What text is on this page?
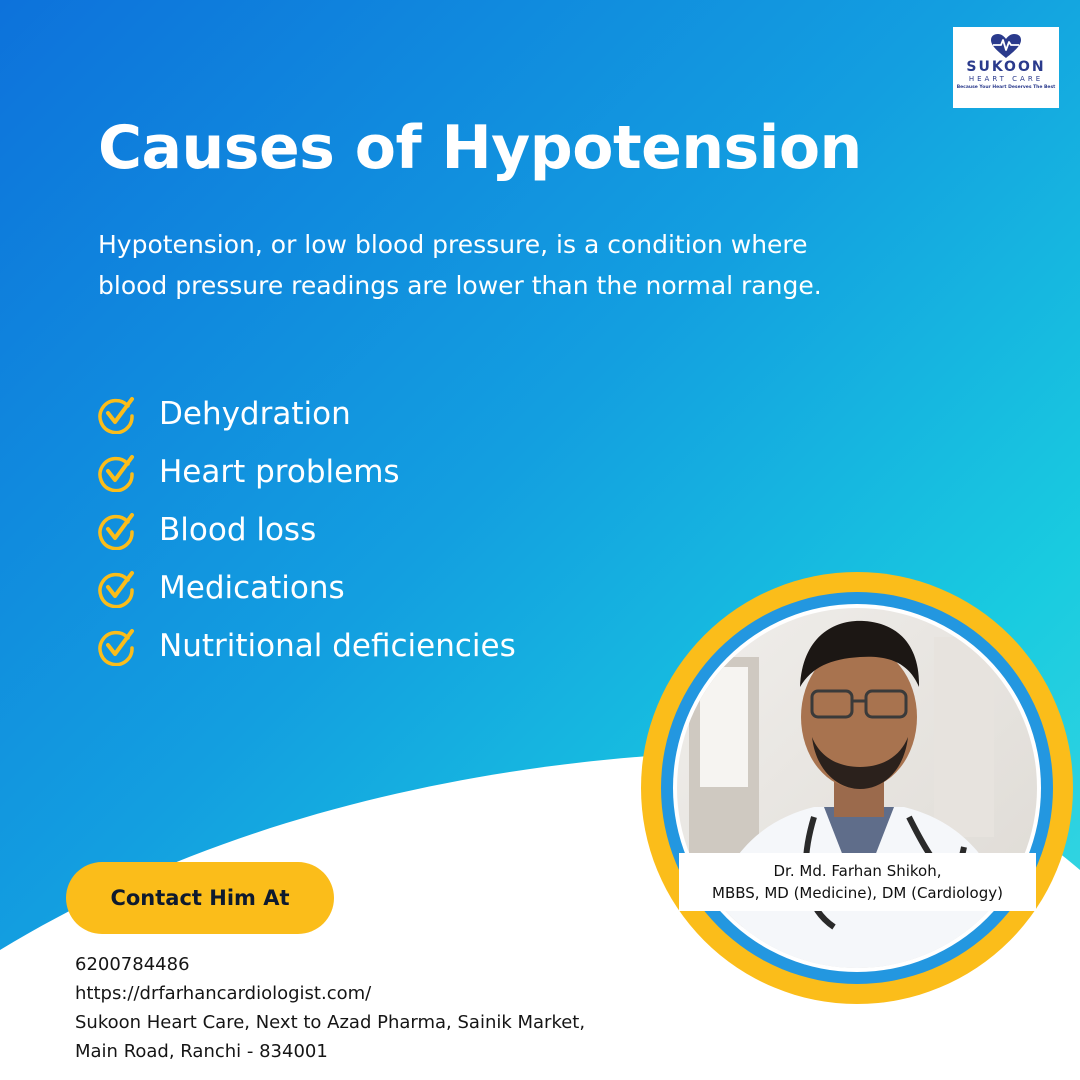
SUKOON
HEART CARE
Because Your Heart Deserves The Best
Causes of Hypotension

Hypotension, or low blood pressure, is a condition where blood pressure readings are lower than the normal range.

Dehydration
Heart problems
Blood loss
Medications
Nutritional deficiencies
Contact Him At
6200784486
https://drfarhancardiologist.com/
Sukoon Heart Care, Next to Azad Pharma, Sainik Market, Main Road, Ranchi - 834001
Dr. Md. Farhan Shikoh,
MBBS, MD (Medicine), DM (Cardiology)
